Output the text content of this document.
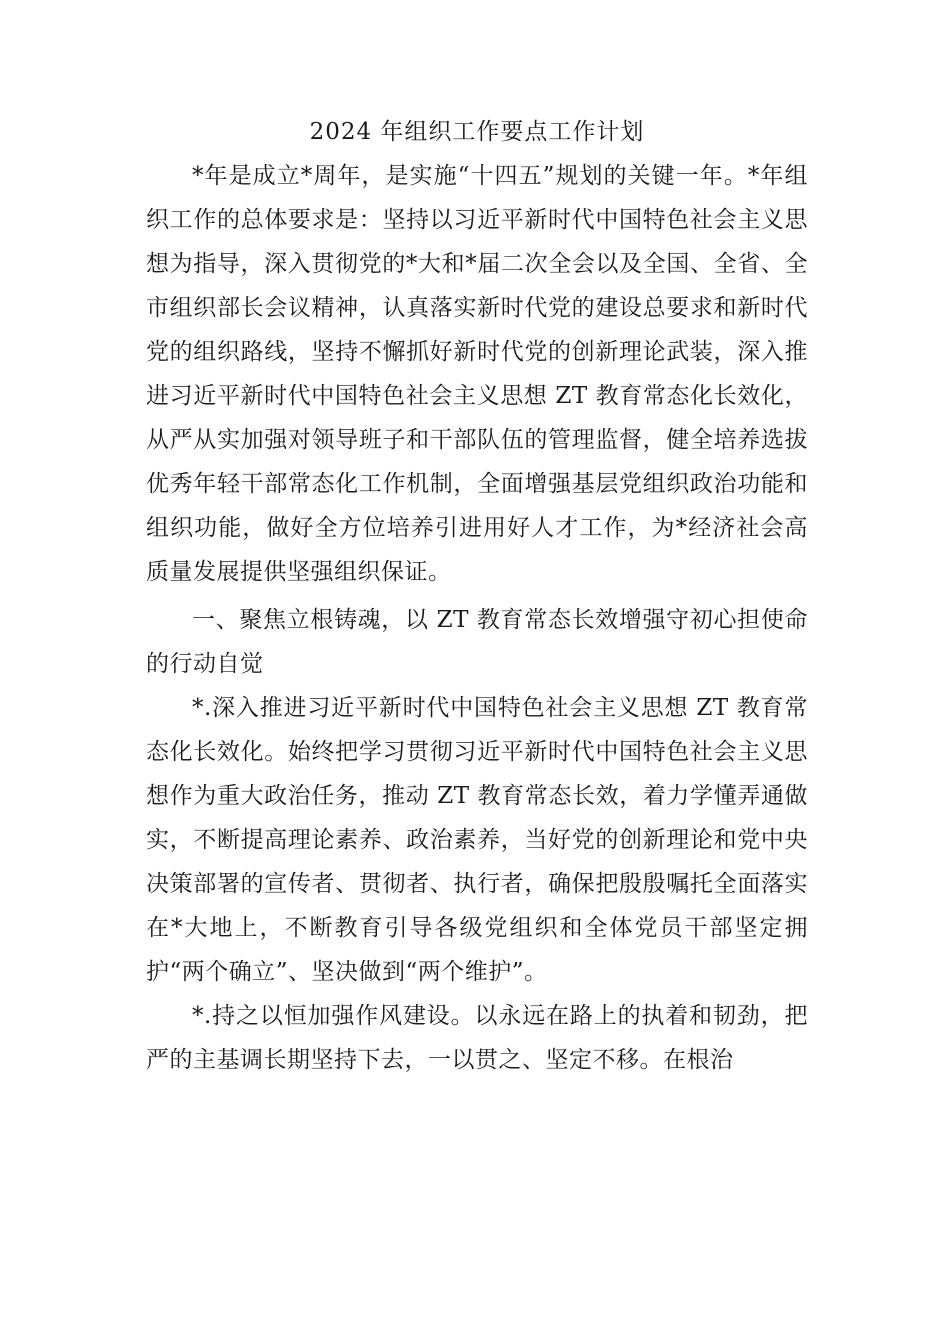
2024 年组织工作要点工作计划

*年是成立*周年，是实施“十四五”规划的关键一年。*年组织工作的总体要求是：坚持以习近平新时代中国特色社会主义思想为指导，深入贯彻党的*大和*届二次全会以及全国、全省、全市组织部长会议精神，认真落实新时代党的建设总要求和新时代党的组织路线，坚持不懈抓好新时代党的创新理论武装，深入推进习近平新时代中国特色社会主义思想 ZT 教育常态化长效化，从严从实加强对领导班子和干部队伍的管理监督，健全培养选拔优秀年轻干部常态化工作机制，全面增强基层党组织政治功能和组织功能，做好全方位培养引进用好人才工作，为*经济社会高质量发展提供坚强组织保证。

一、聚焦立根铸魂，以 ZT 教育常态长效增强守初心担使命的行动自觉

*.深入推进习近平新时代中国特色社会主义思想 ZT 教育常态化长效化。始终把学习贯彻习近平新时代中国特色社会主义思想作为重大政治任务，推动 ZT 教育常态长效，着力学懂弄通做实，不断提高理论素养、政治素养，当好党的创新理论和党中央决策部署的宣传者、贯彻者、执行者，确保把殷殷嘱托全面落实在*大地上，不断教育引导各级党组织和全体党员干部坚定拥护“两个确立”、坚决做到“两个维护”。

*.持之以恒加强作风建设。以永远在路上的执着和韧劲，把严的主基调长期坚持下去，一以贯之、坚定不移。在根治
